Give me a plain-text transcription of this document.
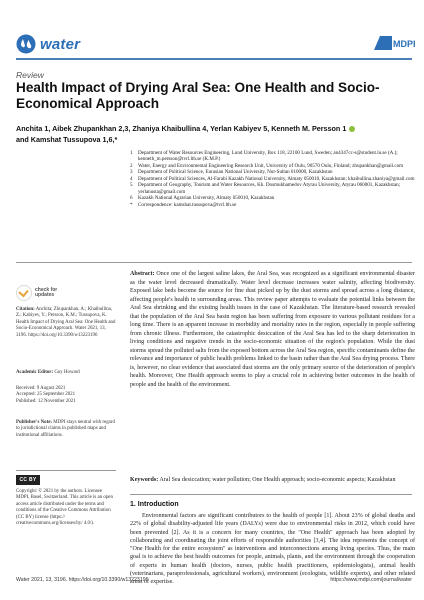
water	MDPI
Review
Health Impact of Drying Aral Sea: One Health and Socio-Economical Approach
Anchita 1, Aibek Zhupankhan 2,3, Zhaniya Khaibullina 4, Yerlan Kabiyev 5, Kenneth M. Persson 1
and Kamshat Tussupova 1,6,*
1	Department of Water Resources Engineering, Lund University, Box 118, 22100 Lund, Sweden; an4347cc-s@student.lu.se (A.); kenneth_m.persson@tvrl.lth.se (K.M.P.)
2	Water, Energy and Environmental Engineering Research Unit, University of Oulu, 90570 Oulu, Finland; zhupankhan@gmail.com
3	Department of Political Science, Eurasian National University, Nur-Sultan 010000, Kazakhstan
4	Department of Political Sciences, Al-Farabi Kazakh National University, Almaty 050010, Kazakhstan; khaibullina.zhaniya@gmail.com
5	Department of Geography, Tourism and Water Resources, Kh. Dosmukhamedov Atyrau University, Atyrau 060001, Kazakhstan; yerlanusta@gmail.com
6	Kazakh National Agrarian University, Almaty 050010, Kazakhstan
*	Correspondence: kamshat.tussupova@tvrl.lth.se
check for updates
Citation: Anchita; Zhupankhan, A.; Khaibullina, Z.; Kabiyev, Y.; Persson, K.M.; Tussupova, K. Health Impact of Drying Aral Sea: One Health and Socio-Economical Approach. Water 2021, 13, 3196. https://doi.org/10.3390/w13223196
Academic Editor: Guy Howard
Received: 9 August 2021
Accepted: 25 September 2021
Published: 12 November 2021
Publisher's Note: MDPI stays neutral with regard to jurisdictional claims in published maps and institutional affiliations.
CC BY
Copyright: © 2021 by the authors. Licensee MDPI, Basel, Switzerland. This article is an open access article distributed under the terms and conditions of the Creative Commons Attribution (CC BY) license (https:// creativecommons.org/licenses/by/ 4.0/).
Abstract: Once one of the largest saline lakes, the Aral Sea, was recognized as a significant environmental disaster as the water level decreased dramatically. Water level decrease increases water salinity, affecting biodiversity. Exposed lake beds become the source for fine dust picked up by the dust storms and spread across a long distance, affecting people's health in surrounding areas. This review paper attempts to evaluate the potential links between the Aral Sea shrinking and the existing health issues in the case of Kazakhstan. The literature-based research revealed that the population of the Aral Sea basin region has been suffering from exposure to various pollutant residues for a long time. There is an apparent increase in morbidity and mortality rates in the region, especially in people suffering from chronic illness. Furthermore, the catastrophic desiccation of the Aral Sea has led to the sharp deterioration in living conditions and negative trends in the socio-economic situation of the region's population. While the dust storms spread the polluted salts from the exposed bottom across the Aral Sea region, specific contaminants define the relevance and importance of public health problems linked to the basin rather than the Aral Sea drying process. There is, however, no clear evidence that associated dust storms are the only primary source of the deterioration of people's health. Moreover, One Health approach seems to play a crucial role in achieving better outcomes in the health of people and the health of the environment.
Keywords: Aral Sea desiccation; water pollution; One Health approach; socio-economic aspects; Kazakhstan
1. Introduction
Environmental factors are significant contributors to the health of people [1]. About 23% of global deaths and 22% of global disability-adjusted life years (DALYs) were due to environmental risks in 2012, which could have been prevented [2]. As it is a concern for many countries, the "One Health" approach has been adopted by collaborating and coordinating the joint efforts of responsible authorities [3,4]. The idea represents the concept of "One Health for the entire ecosystem" as interventions and interconnections among living species. Thus, the main goal is to achieve the best health outcomes for people, animals, plants, and the environment through the cooperation of experts in human health (doctors, nurses, public health practitioners, epidemiologists), animal health (veterinarians, paraprofessionals, agricultural workers), environment (ecologists, wildlife experts), and other related areas of expertise.
Water 2021, 13, 3196. https://doi.org/10.3390/w13223196	https://www.mdpi.com/journal/water
